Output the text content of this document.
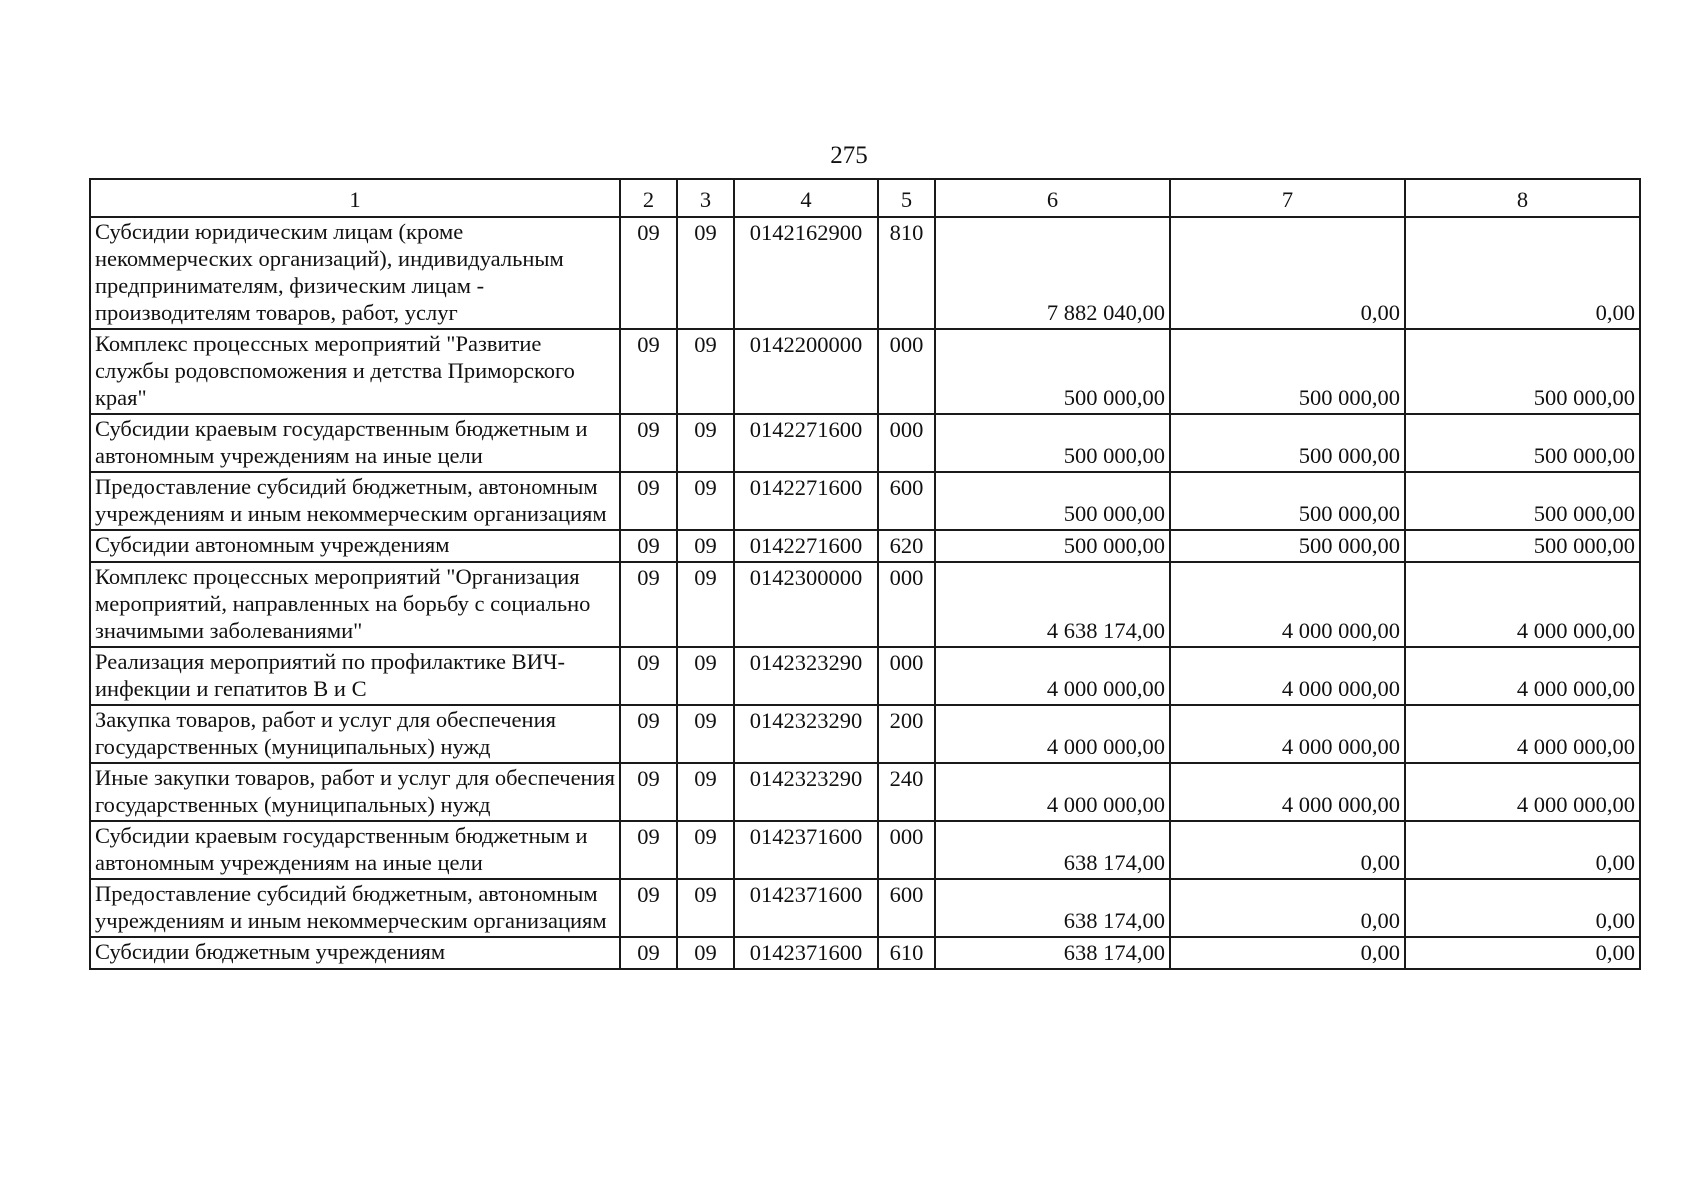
275
1	2	3	4	5	6	7	8
Субсидии юридическим лицам (кроме некоммерческих организаций), индивидуальным предпринимателям, физическим лицам - производителям товаров, работ, услуг	09	09	0142162900	810	7 882 040,00	0,00	0,00
Комплекс процессных мероприятий "Развитие службы родовспоможения и детства Приморского края"	09	09	0142200000	000	500 000,00	500 000,00	500 000,00
Субсидии краевым государственным бюджетным и автономным учреждениям на иные цели	09	09	0142271600	000	500 000,00	500 000,00	500 000,00
Предоставление субсидий бюджетным, автономным учреждениям и иным некоммерческим организациям	09	09	0142271600	600	500 000,00	500 000,00	500 000,00
Субсидии автономным учреждениям	09	09	0142271600	620	500 000,00	500 000,00	500 000,00
Комплекс процессных мероприятий "Организация мероприятий, направленных на борьбу с социально значимыми заболеваниями"	09	09	0142300000	000	4 638 174,00	4 000 000,00	4 000 000,00
Реализация мероприятий по профилактике ВИЧ-инфекции и гепатитов В и С	09	09	0142323290	000	4 000 000,00	4 000 000,00	4 000 000,00
Закупка товаров, работ и услуг для обеспечения государственных (муниципальных) нужд	09	09	0142323290	200	4 000 000,00	4 000 000,00	4 000 000,00
Иные закупки товаров, работ и услуг для обеспечения государственных (муниципальных) нужд	09	09	0142323290	240	4 000 000,00	4 000 000,00	4 000 000,00
Субсидии краевым государственным бюджетным и автономным учреждениям на иные цели	09	09	0142371600	000	638 174,00	0,00	0,00
Предоставление субсидий бюджетным, автономным учреждениям и иным некоммерческим организациям	09	09	0142371600	600	638 174,00	0,00	0,00
Субсидии бюджетным учреждениям	09	09	0142371600	610	638 174,00	0,00	0,00
